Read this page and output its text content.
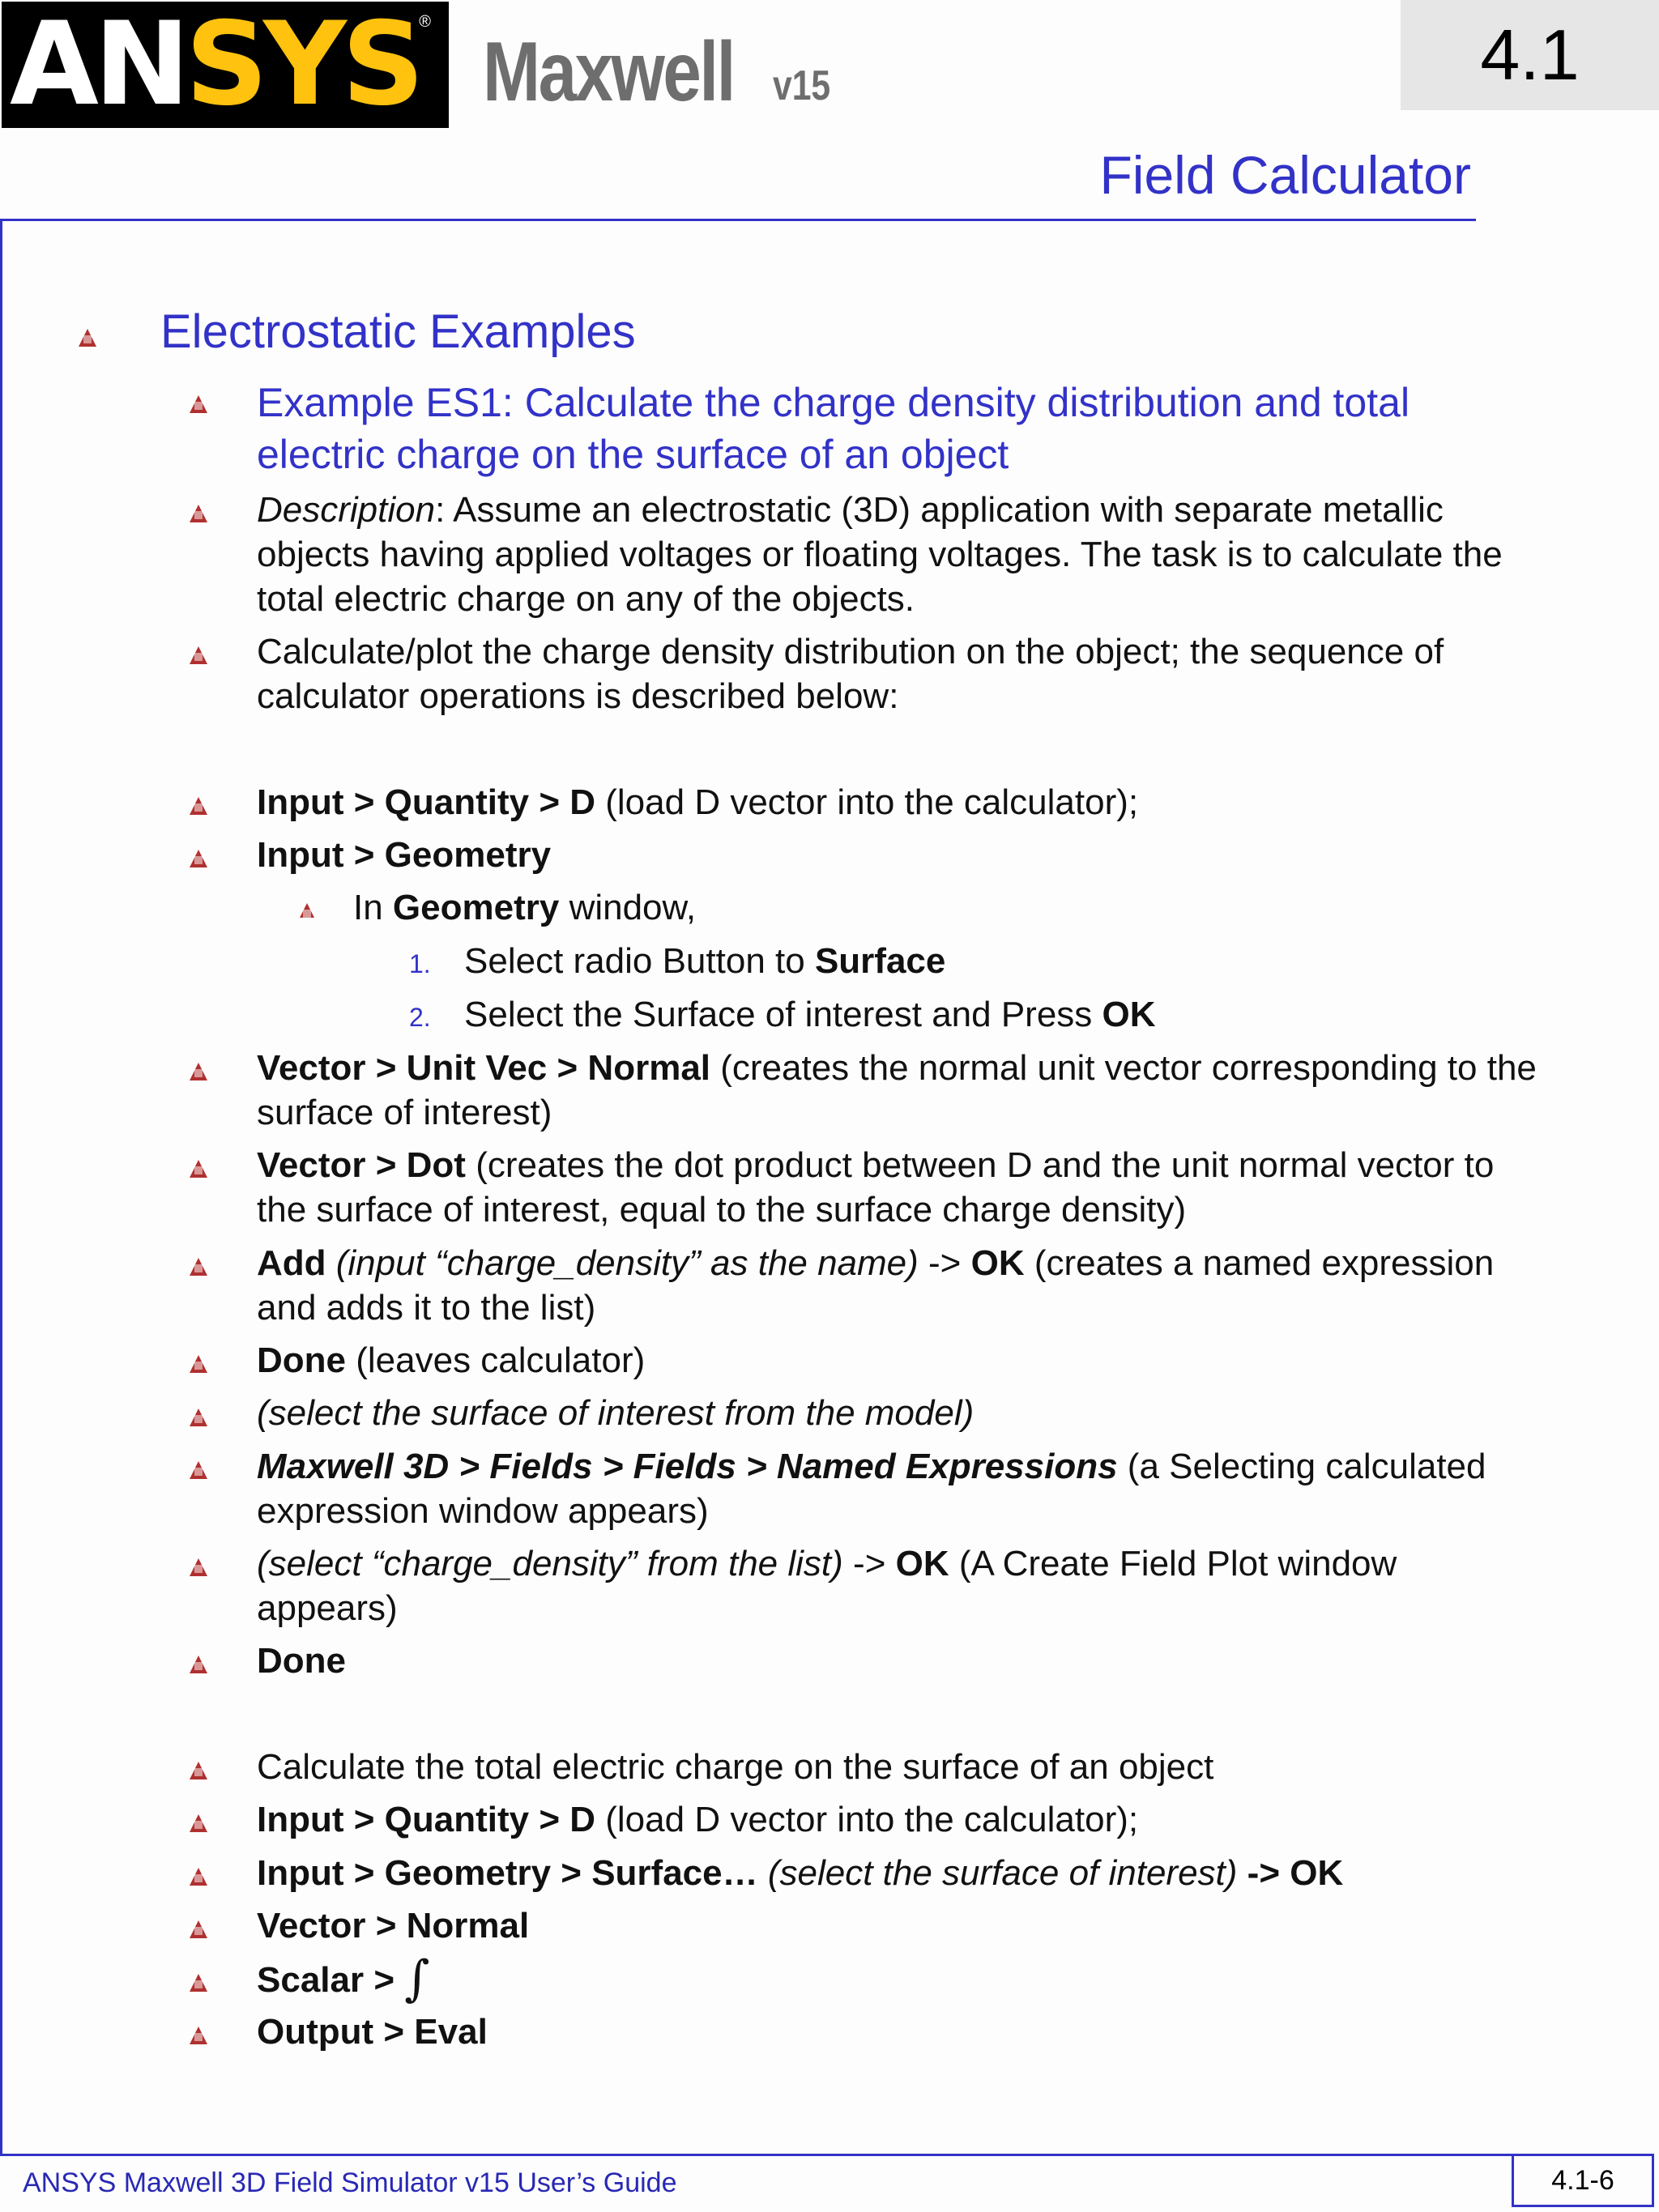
ANSYS ®
Maxwell v15	4.1
Field Calculator
Electrostatic Examples
Example ES1: Calculate the charge density distribution and total
electric charge on the surface of an object
Description: Assume an electrostatic (3D) application with separate metallic
objects having applied voltages or floating voltages. The task is to calculate the
total electric charge on any of the objects.
Calculate/plot the charge density distribution on the object; the sequence of
calculator operations is described below:
Input > Quantity > D (load D vector into the calculator);
Input > Geometry
In Geometry window,
1. Select radio Button to Surface
2. Select the Surface of interest and Press OK
Vector > Unit Vec > Normal (creates the normal unit vector corresponding to the
surface of interest)
Vector > Dot (creates the dot product between D and the unit normal vector to
the surface of interest, equal to the surface charge density)
Add (input “charge_density” as the name) -> OK (creates a named expression
and adds it to the list)
Done (leaves calculator)
(select the surface of interest from the model)
Maxwell 3D > Fields > Fields > Named Expressions (a Selecting calculated
expression window appears)
(select “charge_density” from the list) -> OK (A Create Field Plot window
appears)
Done
Calculate the total electric charge on the surface of an object
Input > Quantity > D (load D vector into the calculator);
Input > Geometry > Surface… (select the surface of interest) -> OK
Vector > Normal
Scalar > ∫
Output > Eval
ANSYS Maxwell 3D Field Simulator v15 User’s Guide	4.1-6
